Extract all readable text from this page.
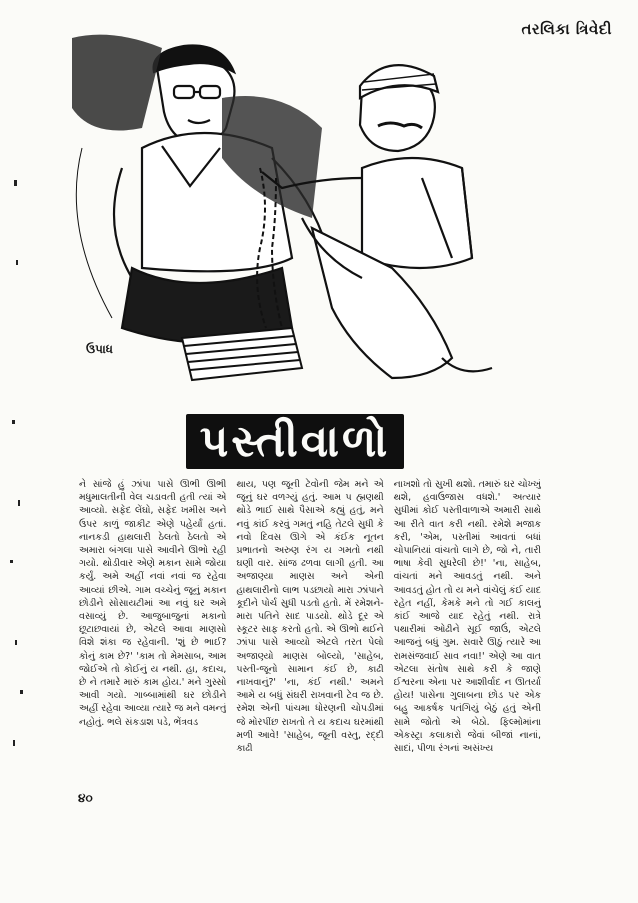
તરલિકા ત્રિવેદી
ઉપાધ
પસ્તીવાળો

ને સાંજે હું ઝાંપા પાસે ઊભી ઊભી મધુમાલતીની વેલ ચડાવતી હતી ત્યાં એ આવ્યો. સફેદ લેંઘો, સફેદ ખમીસ અને ઉપર કાળું જાકીટ એણે પહેર્યાં હતાં. નાનકડી હાથલારી ઠેલતો ઠેલતો એ અમારા બંગલા પાસે આવીને ઊભો રહી ગયો. થોડીવાર એણે મકાન સામે જોયા કર્યું. અમે અહીં નવાં નવાં જ રહેવા આવ્યાં છીએ. ગામ વચ્ચેનું જૂનું મકાન છોડીને સોસાયટીમાં આ નવું ઘર અમે વસાવ્યું છે. આજુબાજુનાં મકાનો છૂટાછવાયાં છે, એટલે આવા માણસો વિશે શંકા જ રહેવાની. 'શું છે ભાઈ? કોનું કામ છે?' 'કામ તો મેમસાબ, આમ જોઈએ તો કોઈનું ય નથી. હા, કદાચ, છે ને તમારે મારું કામ હોય.' મને ગુસ્સો આવી ગયો. ગાબ્બામાંથી ઘર છોડીને અહીં રહેવા આવ્યા ત્યારે જ મને વમન્તું નહોતું. ભલે સંકડાશ પડે, ભેંત્રવડ

થાય, પણ જૂની ટેવોની જેમ મને એ જૂનું ઘર વળગ્યું હતું. આમ પ હ્મણથી થોડે ભાઈ સાથે પૈસાએ કહ્યું હતું, મને નવું કાંઈ કરવું ગમતું નહિ તેટલે સુધી કે નવો દિવસ ઊગે એ કંઈક નૂતન પ્રભાતનો અરુણ રંગ ય ગમતો નથી ઘણી વાર. સાંજ ઢળવા લાગી હતી. આ અજાણ્યા માણસ અને એની હાથલારીનો લાભ પડછાયો મારા ઝાંપાને કૂદીને પોર્ચ સુધી પડતો હતો. મેં રમેશને- મારા પતિને સાદ પાડયો. થોડે દૂર એ સ્કૂટર સાફ કરતો હતો. એ ઊભો થઈને ઝાંપા પાસે આવ્યો એટલે તરત પેલો અજાણ્યો માણસ બોલ્યો, 'સાહેબ, પસ્તી-જૂનો સામાન કંઈ છે, કાઢી નાખવાનું?' 'ના, કંઈ નથી.' અમને આમે ય બધું સંઘરી રાખવાની ટેવ જ છે. રમેશ એની પાંચમા ધોરણની ચોપડીમાં જે મોરપીંછ રાખતો તે ય કદાચ ઘરમાંથી મળી આવે! 'સાહેબ, જૂની વસ્તુ, રદ્દી કાઢી

નાખશો તો સુખી થશો. તમારું ઘર ચોખ્ખું થશે, હવાઉજાસ વધશે.' અત્યાર સુધીમાં કોઈ પસ્તીવાળાએ અમારી સાથે આ રીતે વાત કરી નથી. રમેશે મજાક કરી, 'એમ, પસ્તીમાં આવતાં બધાં ચોપાનિયાં વાંચતો લાગે છે, જો ને, તારી ભાષા કેવી સુધરેલી છે!' 'ના, સાહેબ, વાંચતાં મને આવડતું નથી. અને આવડતું હોત તો ય મને વાંચેલું કંઈ યાદ રહેત નહીં, કેમકે મને તો ગઈ કાલનું કાંઈ આજે યાદ રહેતું નથી. રાત્રે પથારીમાં ઓઢીને સૂઈ જાઉં, એટલે આજનું બધું ગુમ. સવારે ઊઠું ત્યારે આ રામસંજવાઈ સાવ નવા!' એણે આ વાત એટલા સંતોષ સાથે કરી કે જાણે ઈશ્વરના એના પર આશીર્વાદ ન ઊતર્યા હોય! પાસેના ગુલાબના છોડ પર એક બહુ આકર્ષક પતંગિયું બેઠું હતું એની સામે જોતો એ બેઠો. ફિલ્મોમાંના એકસ્ટ્રા કલાકારો જેવાં બીજાં નાનાં, સાદાં, પીળા રંગનાં અસંખ્ય

૪૦
